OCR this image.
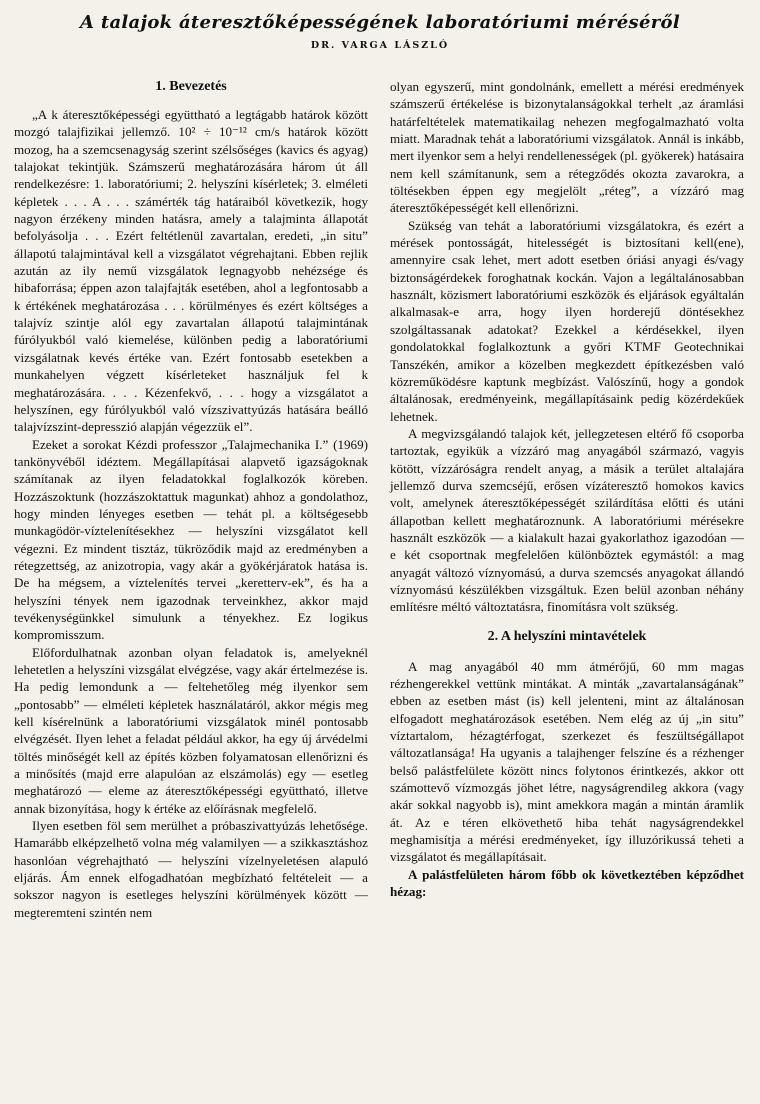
A talajok áteresztőképességének laboratóriumi méréséről
DR. VARGA LÁSZLÓ
1. Bevezetés

„A k áteresztőképességi együttható a legtágabb határok között mozgó talajfizikai jellemző. 10² ÷ 10⁻¹² cm/s határok között mozog, ha a szemcsenagyság szerint szélsőséges (kavics és agyag) talajokat tekintjük. Számszerű meghatározására három út áll rendelkezésre: 1. laboratóriumi; 2. helyszíni kísérletek; 3. elméleti képletek . . . A . . . számérték tág határaiból következik, hogy nagyon érzékeny minden hatásra, amely a talajminta állapotát befolyásolja . . . Ezért feltétlenül zavartalan, eredeti, „in situ” állapotú talajmintával kell a vizsgálatot végrehajtani. Ebben rejlik azután az ily nemű vizsgálatok legnagyobb nehézsége és hibaforrása; éppen azon talajfajták esetében, ahol a legfontosabb a k értékének meghatározása . . . körülményes és ezért költséges a talajvíz szintje alól egy zavartalan állapotú talajmintának fúrólyukból való kiemelése, különben pedig a laboratóriumi vizsgálatnak kevés értéke van. Ezért fontosabb esetekben a munkahelyen végzett kísérleteket használjuk fel k meghatározására. . . . Kézenfekvő, . . . hogy a vizsgálatot a helyszínen, egy fúrólyukból való vízszivattyúzás hatására beálló talajvízszint-depresszió alapján végezzük el”.

Ezeket a sorokat Kézdi professzor „Talajmechanika I.” (1969) tankönyvéből idéztem. Megállapításai alapvető igazságoknak számítanak az ilyen feladatokkal foglalkozók köreben. Hozzászoktunk (hozzászoktattuk magunkat) ahhoz a gondolathoz, hogy minden lényeges esetben — tehát pl. a költségesebb munkagödör-víztelenítésekhez — helyszíni vizsgálatot kell végezni. Ez mindent tisztáz, tükröződik majd az eredményben a rétegzettség, az anizotropia, vagy akár a gyökérjáratok hatása is. De ha mégsem, a víztelenítés tervei „keretterv-ek”, és ha a helyszíni tények nem igazodnak terveinkhez, akkor majd tevékenységünkkel simulunk a tényekhez. Ez logikus kompromisszum.

Előfordulhatnak azonban olyan feladatok is, amelyeknél lehetetlen a helyszíni vizsgálat elvégzése, vagy akár értelmezése is. Ha pedig lemondunk a — feltehetőleg még ilyenkor sem „pontosabb” — elméleti képletek használatáról, akkor mégis meg kell kísérelnünk a laboratóriumi vizsgálatok minél pontosabb elvégzését. Ilyen lehet a feladat például akkor, ha egy új árvédelmi töltés minőségét kell az építés közben folyamatosan ellenőrizni és a minősítés (majd erre alapulóan az elszámolás) egy — esetleg meghatározó — eleme az áteresztőképességi együttható, illetve annak bizonyítása, hogy k értéke az előírásnak megfelelő.

Ilyen esetben föl sem merülhet a próbaszivattyúzás lehetősége. Hamarább elképzelhető volna még valamilyen — a szikkasztáshoz hasonlóan végrehajtható — helyszíni vízelnyeletésen alapuló eljárás. Ám ennek elfogadhatóan megbízható feltételeit — a sokszor nagyon is esetleges helyszíni körülmények között — megteremteni szintén nem

olyan egyszerű, mint gondolnánk, emellett a mérési eredmények számszerű értékelése is bizonytalanságokkal terhelt ,az áramlási határfeltételek matematikailag nehezen megfogalmazható volta miatt. Maradnak tehát a laboratóriumi vizsgálatok. Annál is inkább, mert ilyenkor sem a helyi rendellenességek (pl. gyökerek) hatásaira nem kell számítanunk, sem a rétegződés okozta zavarokra, a töltésekben éppen egy megjelölt „réteg”, a vízzáró mag áteresztőképességét kell ellenőrizni.

Szükség van tehát a laboratóriumi vizsgálatokra, és ezért a mérések pontosságát, hitelességét is biztosítani kell(ene), amennyire csak lehet, mert adott esetben óriási anyagi és/vagy biztonságérdekek foroghatnak kockán. Vajon a legáltalánosabban használt, közismert laboratóriumi eszközök és eljárások egyáltalán alkalmasak-e arra, hogy ilyen horderejű döntésekhez szolgáltassanak adatokat? Ezekkel a kérdésekkel, ilyen gondolatokkal foglalkoztunk a győri KTMF Geotechnikai Tanszékén, amikor a közelben megkezdett építkezésben való közreműködésre kaptunk megbízást. Valószínű, hogy a gondok általánosak, eredményeink, megállapításaink pedig közérdekűek lehetnek.

A megvizsgálandó talajok két, jellegzetesen eltérő fő csoporba tartoztak, egyikük a vízzáró mag anyagából származó, vagyis kötött, vízzáróságra rendelt anyag, a másik a terület altalajára jellemző durva szemcséjű, erősen vízáteresztő homokos kavics volt, amelynek áteresztőképességét szilárdítása előtti és utáni állapotban kellett meghatároznunk. A laboratóriumi mérésekre használt eszközök — a kialakult hazai gyakorlathoz igazodóan — e két csoportnak megfelelően különböztek egymástól: a mag anyagát változó víznyomású, a durva szemcsés anyagokat állandó víznyomású készülékben vizsgáltuk. Ezen belül azonban néhány említésre méltó változtatásra, finomításra volt szükség.

2. A helyszíni mintavételek

A mag anyagából 40 mm átmérőjű, 60 mm magas rézhengerekkel vettünk mintákat. A minták „zavartalanságának” ebben az esetben mást (is) kell jelenteni, mint az általánosan elfogadott meghatározások esetében. Nem elég az új „in situ” víztartalom, hézagtérfogat, szerkezet és feszültségállapot változatlansága! Ha ugyanis a talajhenger felszíne és a rézhenger belső palástfelülete között nincs folytonos érintkezés, akkor ott számottevő vízmozgás jöhet létre, nagyságrendileg akkora (vagy akár sokkal nagyobb is), mint amekkora magán a mintán áramlik át. Az e téren elkövethető hiba tehát nagyságrendekkel meghamisítja a mérési eredményeket, így illuzórikussá teheti a vizsgálatot és megállapításait.

A palástfelületen három főbb ok következtében képződhet hézag:
